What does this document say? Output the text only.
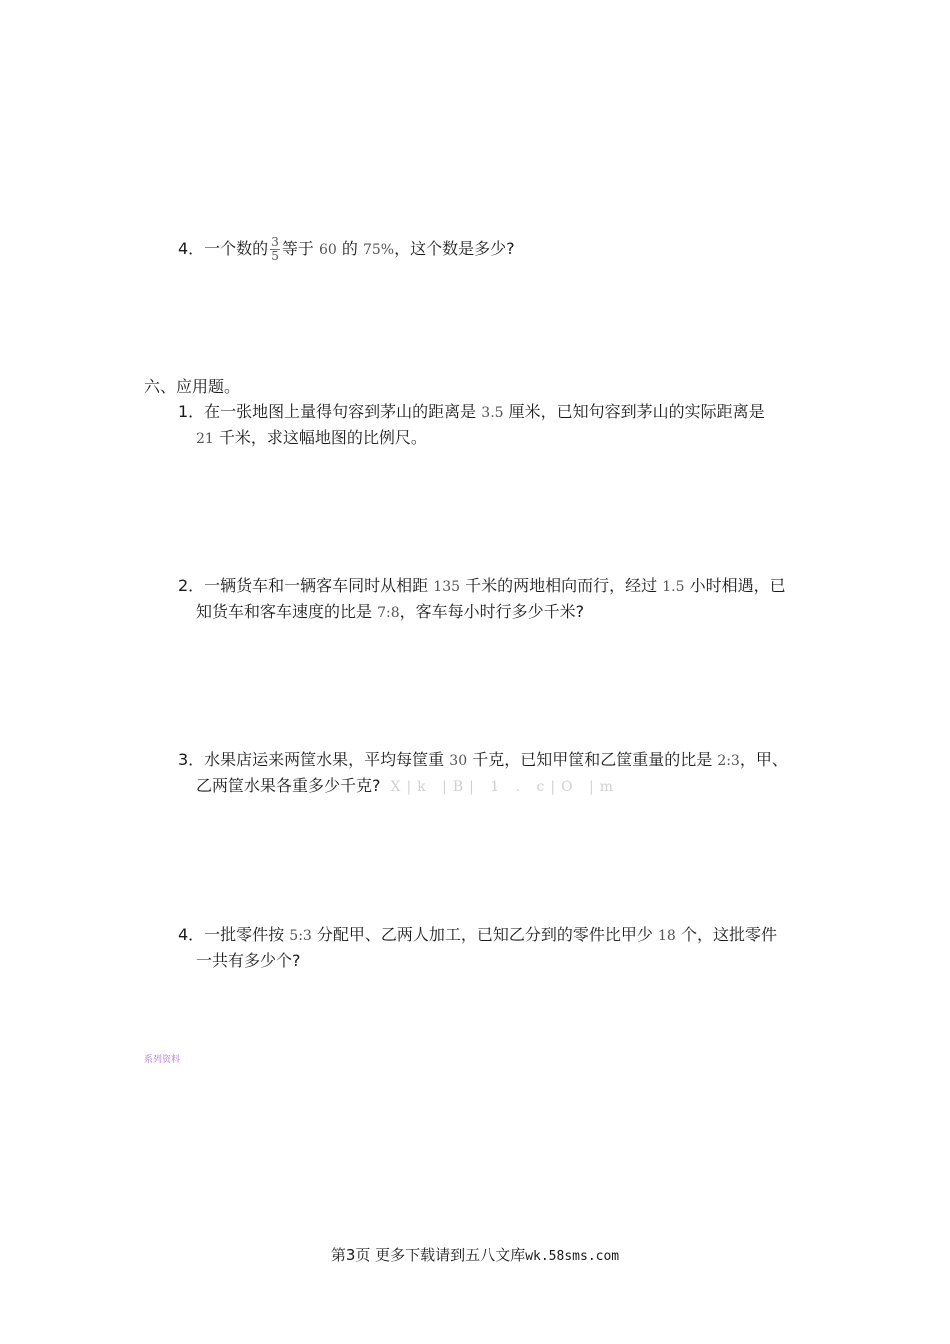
4．一个数的 $\frac{3}{5}$ 等于 60 的 75%，这个数是多少?
六、应用题。
1．在一张地图上量得句容到茅山的距离是 3.5 厘米，已知句容到茅山的实际距离是
21 千米，求这幅地图的比例尺。
2．一辆货车和一辆客车同时从相距 135 千米的两地相向而行，经过 1.5 小时相遇，已
知货车和客车速度的比是 7:8，客车每小时行多少千米?
3．水果店运来两筐水果，平均每筐重 30 千克，已知甲筐和乙筐重量的比是 2:3，甲、
乙两筐水果各重多少千克? X|k |B| 1 . c|O |m
4．一批零件按 5:3 分配甲、乙两人加工，已知乙分到的零件比甲少 18 个，这批零件
一共有多少个?
系列资料
第3页 更多下载请到五八文库wk.58sms.com
